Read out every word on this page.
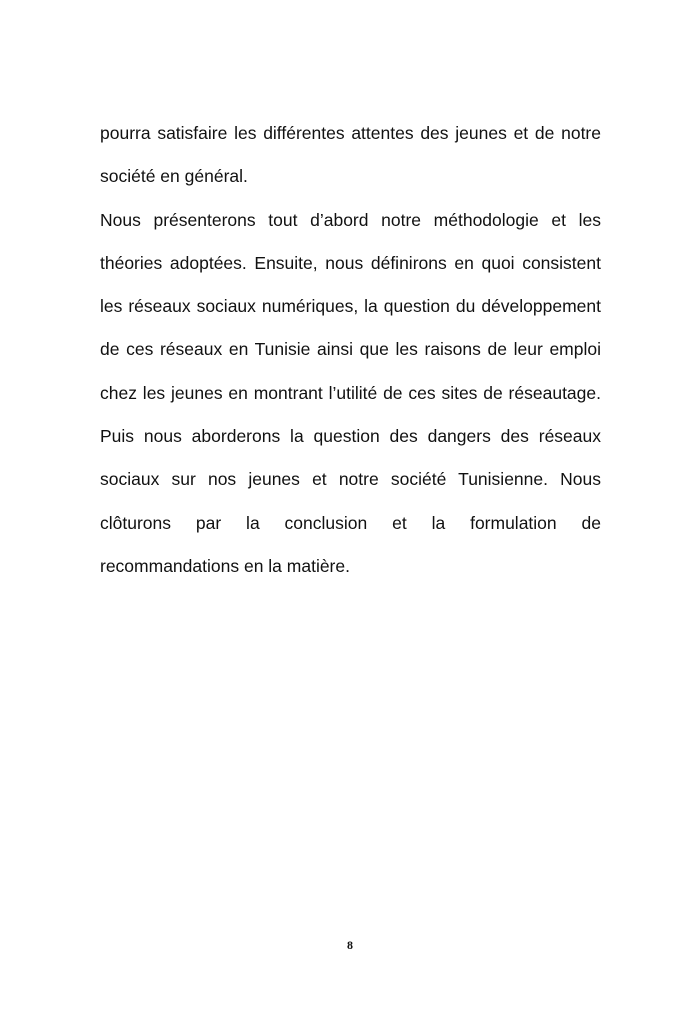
pourra satisfaire les différentes attentes des jeunes et de notre société en général.

Nous présenterons tout d’abord notre méthodologie et les théories adoptées. Ensuite, nous définirons en quoi consistent les réseaux sociaux numériques, la question du développement de ces réseaux en Tunisie ainsi que les raisons de leur emploi chez les jeunes en montrant l’utilité de ces sites de réseautage. Puis nous aborderons la question des dangers des réseaux sociaux sur nos jeunes et notre société Tunisienne. Nous clôturons par la conclusion et la formulation de recommandations en la matière.

8
